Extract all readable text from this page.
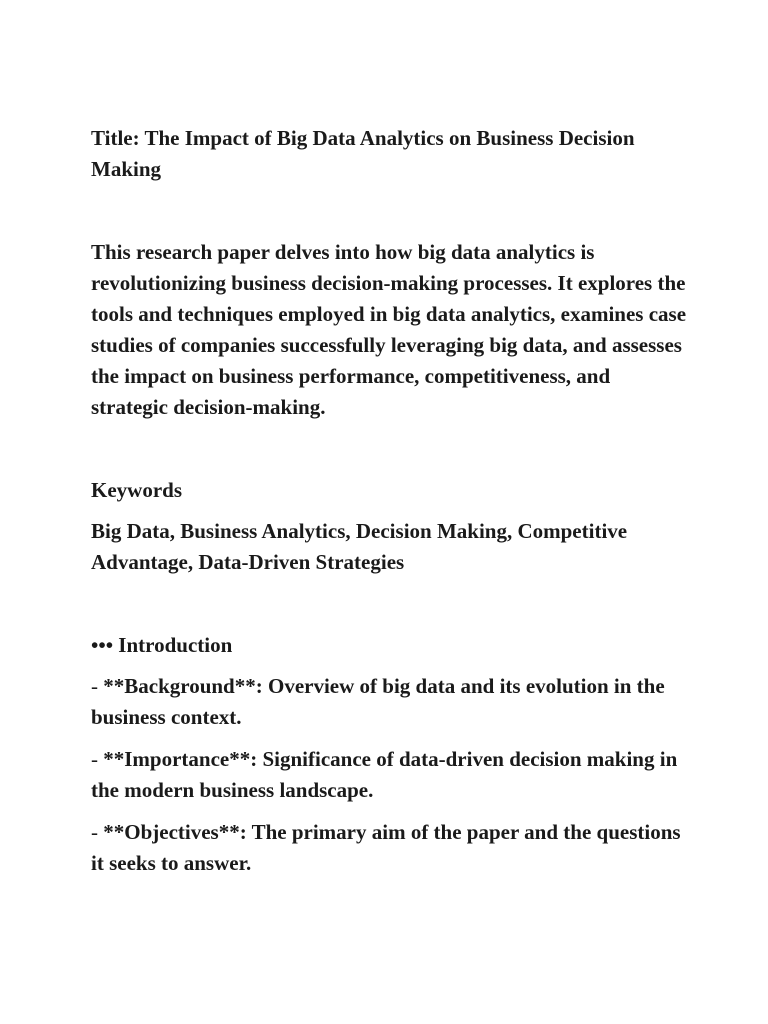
Title: The Impact of Big Data Analytics on Business Decision Making

This research paper delves into how big data analytics is revolutionizing business decision-making processes. It explores the tools and techniques employed in big data analytics, examines case studies of companies successfully leveraging big data, and assesses the impact on business performance, competitiveness, and strategic decision-making.

Keywords

Big Data, Business Analytics, Decision Making, Competitive Advantage, Data-Driven Strategies

••• Introduction

- **Background**: Overview of big data and its evolution in the business context.

- **Importance**: Significance of data-driven decision making in the modern business landscape.

- **Objectives**: The primary aim of the paper and the questions it seeks to answer.
